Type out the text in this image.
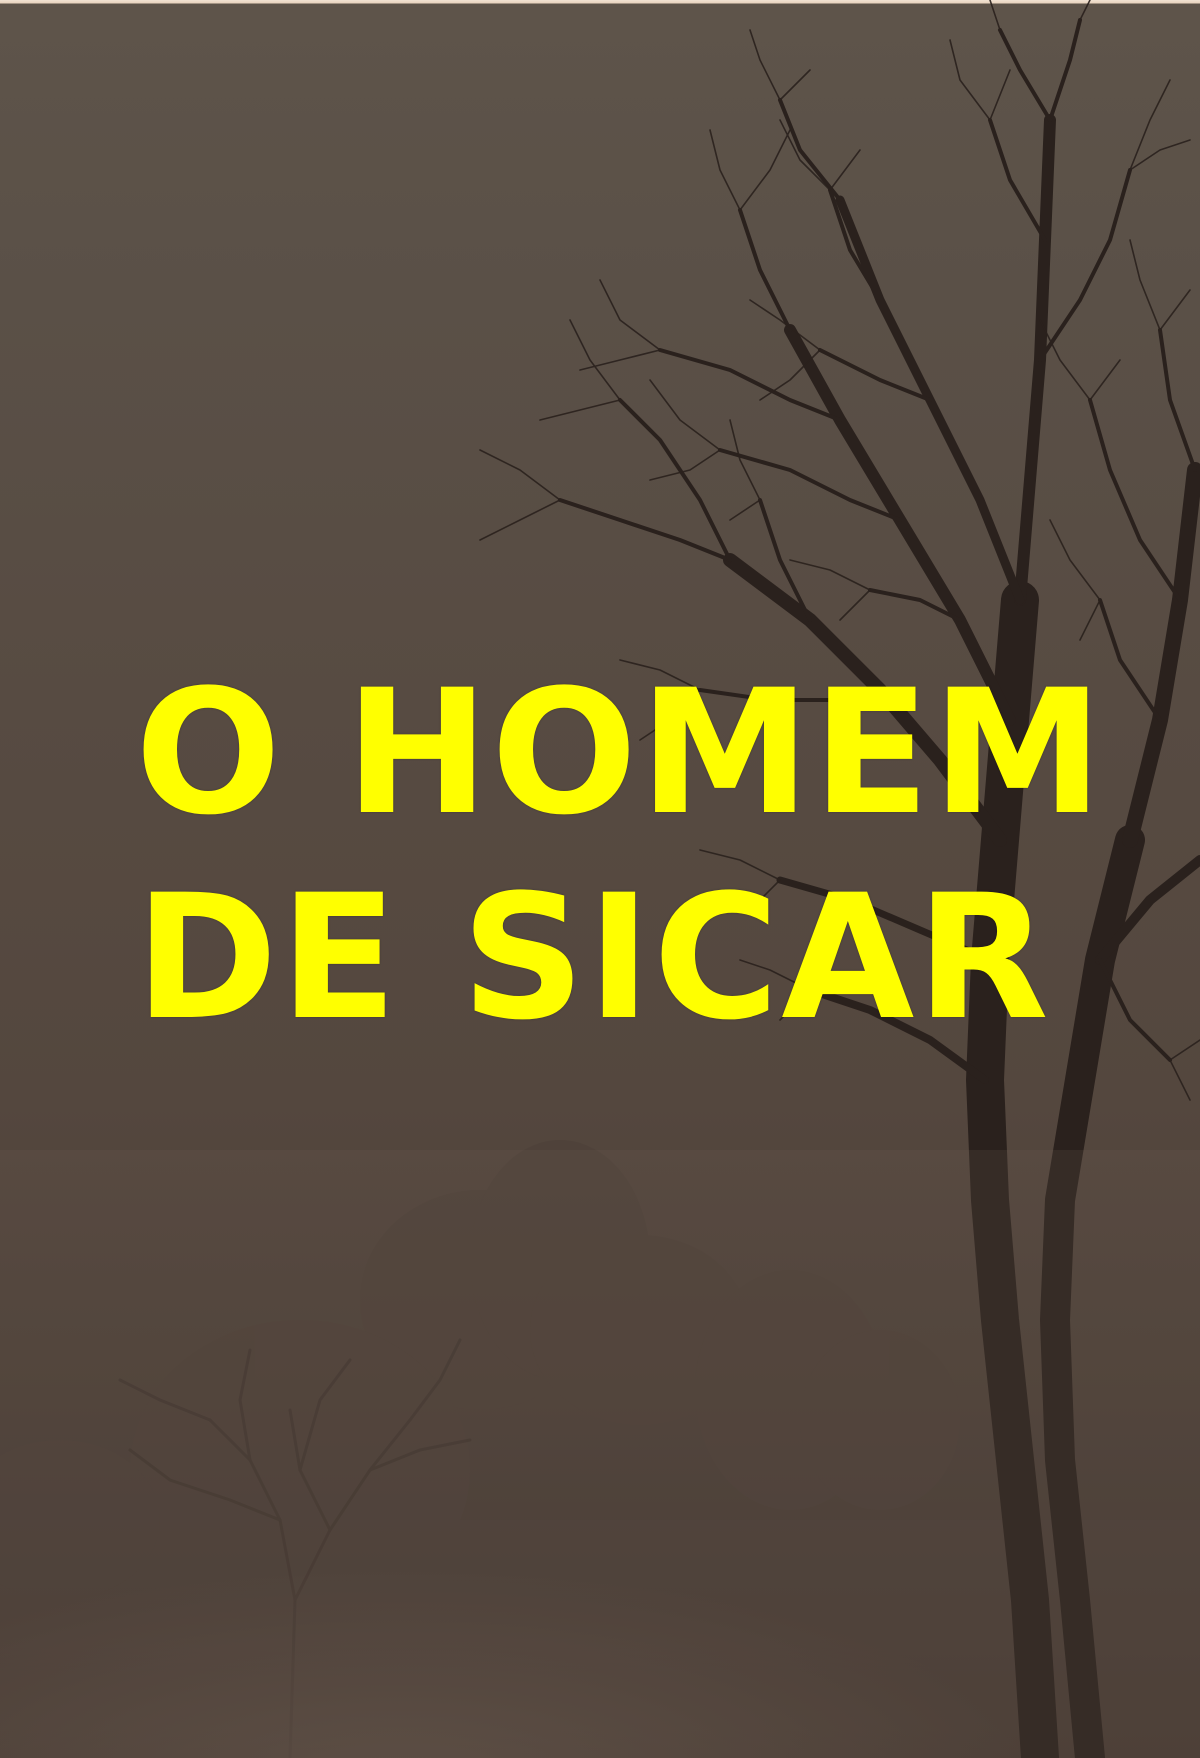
O HOMEM
DE SICAR
